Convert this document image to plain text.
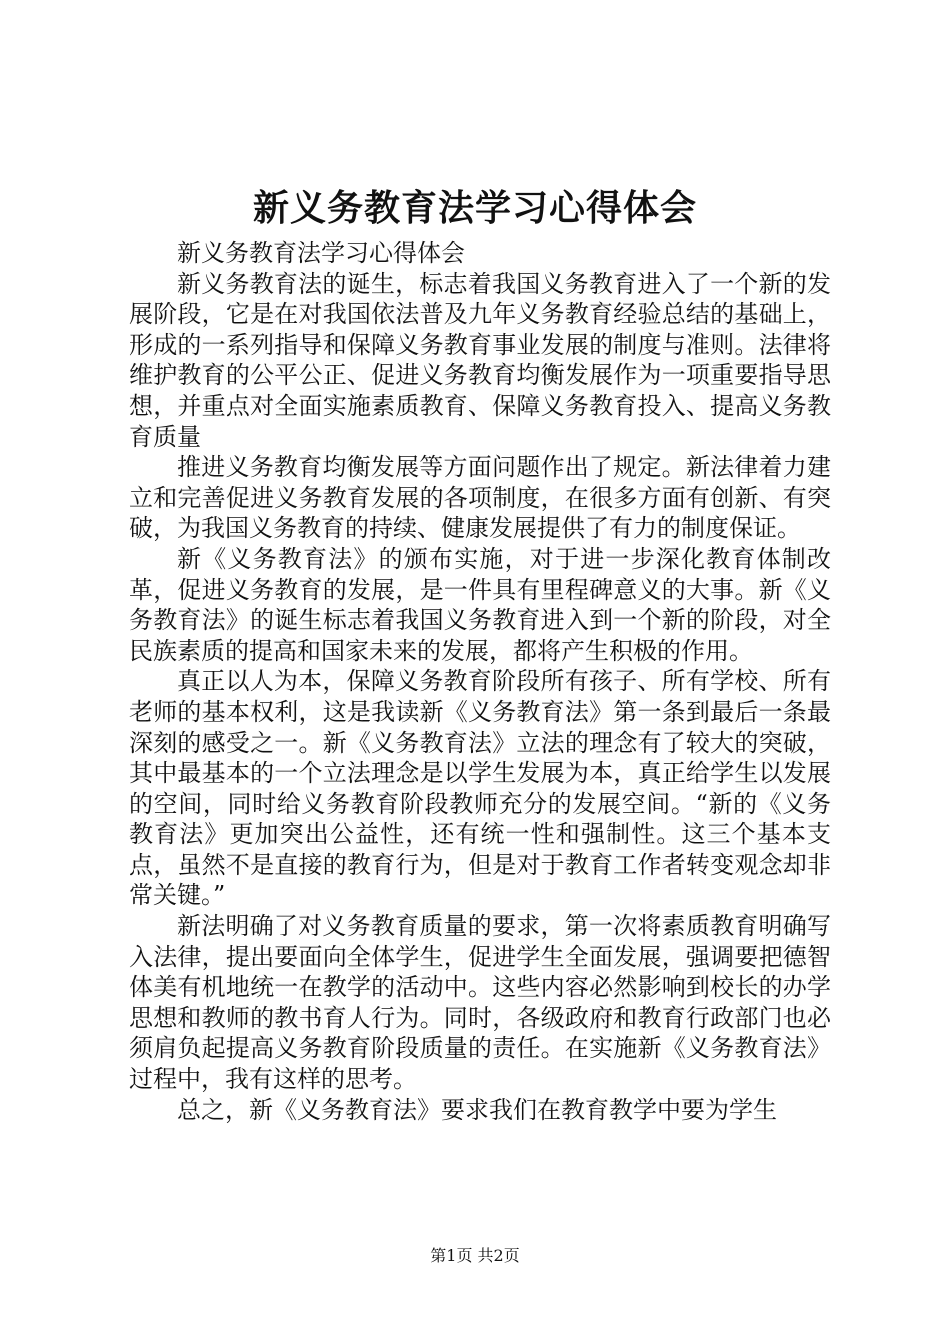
新义务教育法学习心得体会

新义务教育法学习心得体会

新义务教育法的诞生，标志着我国义务教育进入了一个新的发展阶段，它是在对我国依法普及九年义务教育经验总结的基础上，形成的一系列指导和保障义务教育事业发展的制度与准则。法律将维护教育的公平公正、促进义务教育均衡发展作为一项重要指导思想，并重点对全面实施素质教育、保障义务教育投入、提高义务教育质量

推进义务教育均衡发展等方面问题作出了规定。新法律着力建立和完善促进义务教育发展的各项制度，在很多方面有创新、有突破，为我国义务教育的持续、健康发展提供了有力的制度保证。

新《义务教育法》的颁布实施，对于进一步深化教育体制改革，促进义务教育的发展，是一件具有里程碑意义的大事。新《义务教育法》的诞生标志着我国义务教育进入到一个新的阶段，对全民族素质的提高和国家未来的发展，都将产生积极的作用。

真正以人为本，保障义务教育阶段所有孩子、所有学校、所有老师的基本权利，这是我读新《义务教育法》第一条到最后一条最深刻的感受之一。新《义务教育法》立法的理念有了较大的突破，其中最基本的一个立法理念是以学生发展为本，真正给学生以发展的空间，同时给义务教育阶段教师充分的发展空间。“新的《义务教育法》更加突出公益性，还有统一性和强制性。这三个基本支点，虽然不是直接的教育行为，但是对于教育工作者转变观念却非常关键。”

新法明确了对义务教育质量的要求，第一次将素质教育明确写入法律，提出要面向全体学生，促进学生全面发展，强调要把德智体美有机地统一在教学的活动中。这些内容必然影响到校长的办学思想和教师的教书育人行为。同时，各级政府和教育行政部门也必须肩负起提高义务教育阶段质量的责任。在实施新《义务教育法》过程中，我有这样的思考。

总之，新《义务教育法》要求我们在教育教学中要为学生

第1页 共2页
